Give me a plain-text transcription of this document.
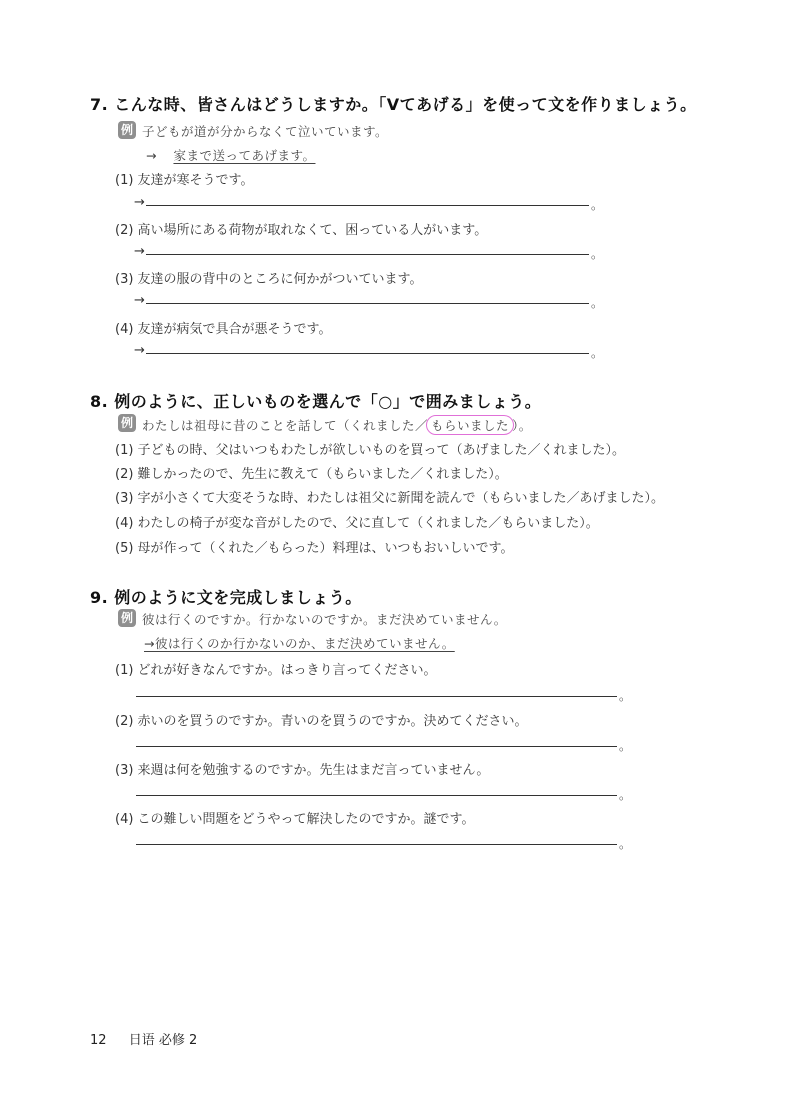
7. こんな時、皆さんはどうしますか。「Vてあげる」を使って文を作りましょう。
例 子どもが道が分からなくて泣いています。
→ 家まで送ってあげます。
(1) 友達が寒そうです。
→	。
(2) 高い場所にある荷物が取れなくて、困っている人がいます。
→	。
(3) 友達の服の背中のところに何かがついています。
→	。
(4) 友達が病気で具合が悪そうです。
→	。
8. 例のように、正しいものを選んで「○」で囲みましょう。
例 わたしは祖母に昔のことを話して（くれました／ もらいました ）。
(1) 子どもの時、父はいつもわたしが欲しいものを買って（あげました／くれました）。
(2) 難しかったので、先生に教えて（もらいました／くれました）。
(3) 字が小さくて大変そうな時、わたしは祖父に新聞を読んで（もらいました／あげました）。
(4) わたしの椅子が変な音がしたので、父に直して（くれました／もらいました）。
(5) 母が作って（くれた／もらった）料理は、いつもおいしいです。
9. 例のように文を完成しましょう。
例 彼は行くのですか。行かないのですか。まだ決めていません。
→彼は行くのか行かないのか、まだ決めていません。
(1) どれが好きなんですか。はっきり言ってください。
。
(2) 赤いのを買うのですか。青いのを買うのですか。決めてください。
。
(3) 来週は何を勉強するのですか。先生はまだ言っていません。
。
(4) この難しい問題をどうやって解決したのですか。謎です。
。
12 日语 必修 2
